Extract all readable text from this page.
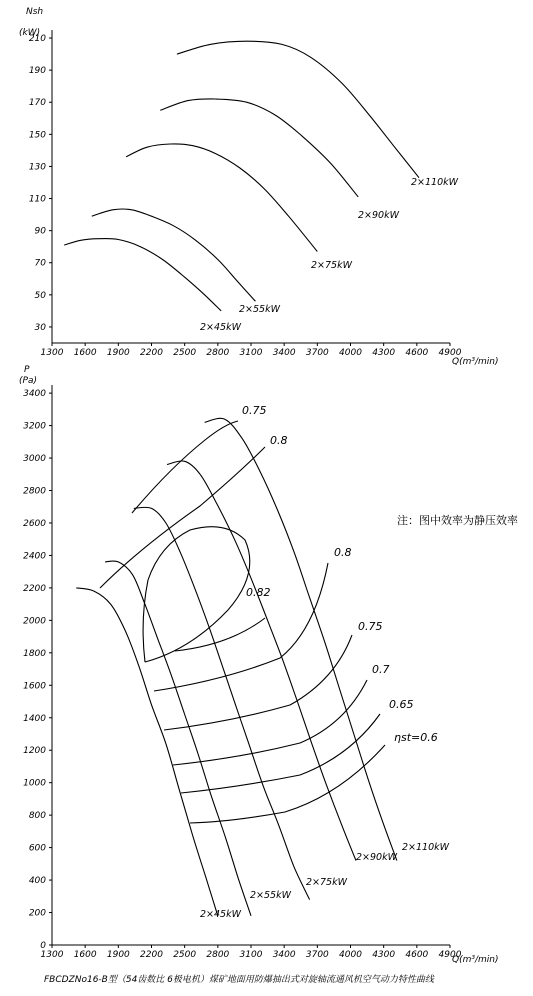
Nsh
(kW)
30
50
70
90
110
130
150
170
190
210
1300 1600 1900 2200 2500 2800 3100 3400 3700 4000 4300 4600 4900
Q(m³/min)
2×45kW
2×55kW
2×75kW
2×90kW
2×110kW
P
(Pa)
0
200
400
600
800
1000
1200
1400
1600
1800
2000
2200
2400
2600
2800
3000
3200
3400
1300 1600 1900 2200 2500 2800 3100 3400 3700 4000 4300 4600 4900
0.75
0.8
0.8
0.82
0.75
0.7
0.65
ηst=0.6
注：图中效率为静压效率
2×45kW
2×55kW
2×75kW
2×90kW
2×110kW
Q(m³/min)
FBCDZNo16-B型（54齿数比 6极电机）煤矿地面用防爆抽出式对旋轴流通风机空气动力特性曲线
